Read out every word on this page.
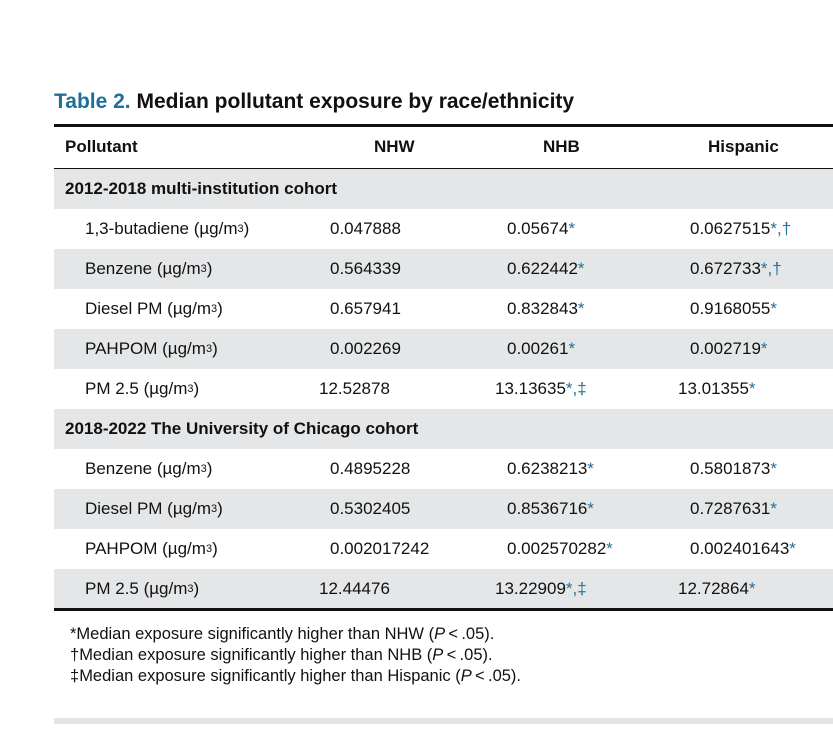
Table 2. Median pollutant exposure by race/ethnicity
Pollutant	NHW	NHB	Hispanic
2012-2018 multi-institution cohort
1,3-butadiene (µg/m 3 )	0.047888	0.05674 *	0.0627515 *,†
Benzene (µg/m 3 )	0.564339	0.622442 *	0.672733 *,†
Diesel PM (µg/m 3 )	0.657941	0.832843 *	0.9168055 *
PAHPOM (µg/m 3 )	0.002269	0.00261 *	0.002719 *
PM 2.5 (µg/m 3 )	12.52878	13.13635 *,‡	13.01355 *
2018-2022 The University of Chicago cohort
Benzene (µg/m 3 )	0.4895228	0.6238213 *	0.5801873 *
Diesel PM (µg/m 3 )	0.5302405	0.8536716 *	0.7287631 *
PAHPOM (µg/m 3 )	0.002017242	0.002570282 *	0.002401643 *
PM 2.5 (µg/m 3 )	12.44476	13.22909 *,‡	12.72864 *
*Median exposure significantly higher than NHW (P < .05).
†Median exposure significantly higher than NHB (P < .05).
‡Median exposure significantly higher than Hispanic (P < .05).
